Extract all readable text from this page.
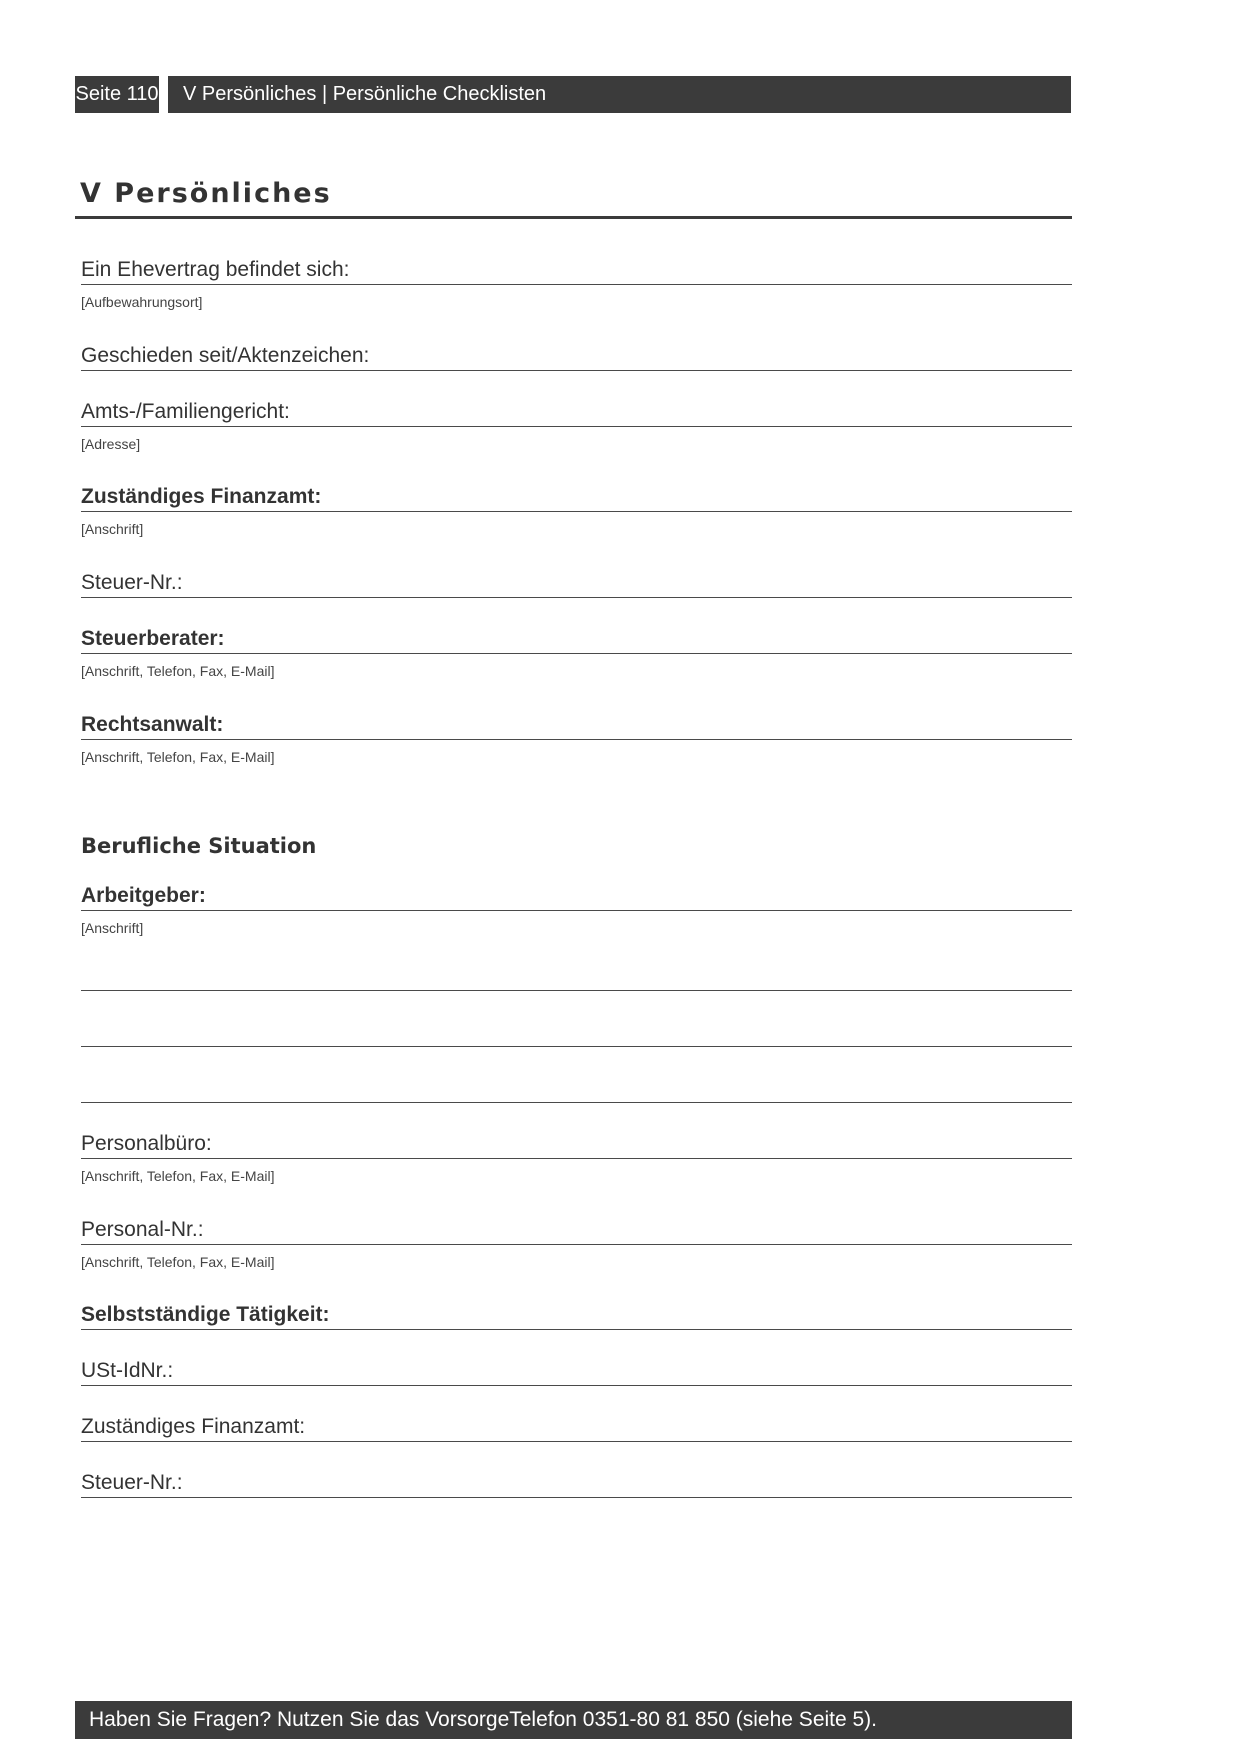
Seite 110	V Persönliches | Persönliche Checklisten
V Persönliches
Ein Ehevertrag befindet sich:
[Aufbewahrungsort]
Geschieden seit/Aktenzeichen:
Amts-/Familiengericht:
[Adresse]
Zuständiges Finanzamt:
[Anschrift]
Steuer-Nr.:
Steuerberater:
[Anschrift, Telefon, Fax, E-Mail]
Rechtsanwalt:
[Anschrift, Telefon, Fax, E-Mail]
Berufliche Situation
Arbeitgeber:
[Anschrift]
Personalbüro:
[Anschrift, Telefon, Fax, E-Mail]
Personal-Nr.:
[Anschrift, Telefon, Fax, E-Mail]
Selbstständige Tätigkeit:
USt-IdNr.:
Zuständiges Finanzamt:
Steuer-Nr.:
Haben Sie Fragen? Nutzen Sie das VorsorgeTelefon 0351-80 81 850 (siehe Seite 5).
